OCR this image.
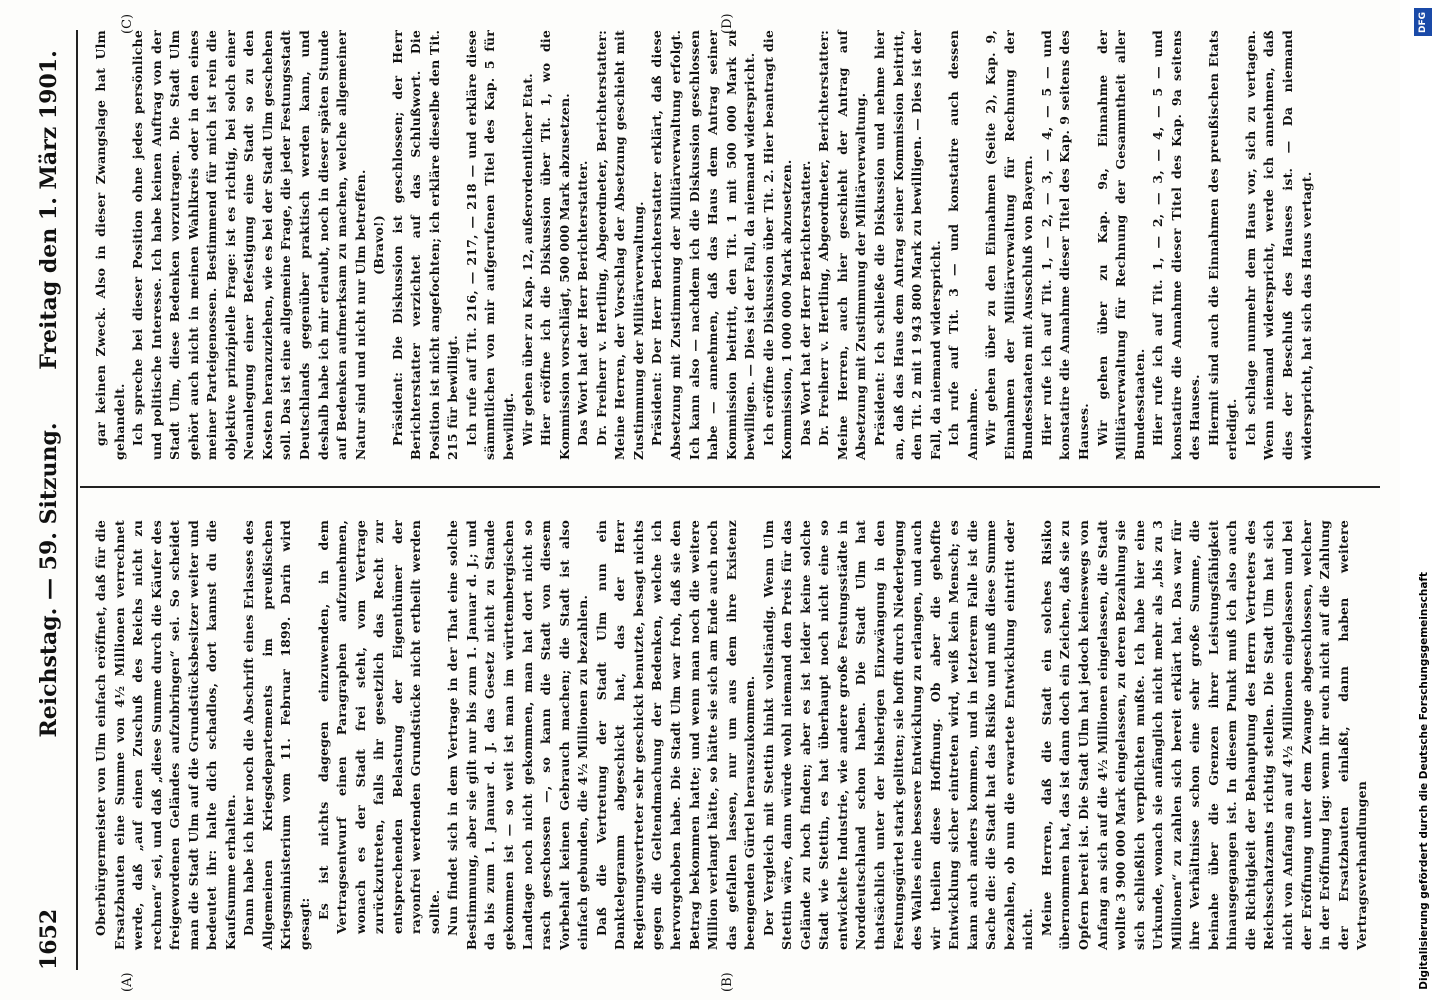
1652
Reichstag. — 59. Sitzung.
Freitag den 1. März 1901.
(A)	(B)
(C)	(D)

Oberbürgermeister von Ulm einfach eröffnet, daß für die Ersatzbauten eine Summe von 4½ Millionen verrechnet werde, daß „auf einen Zuschuß des Reichs nicht zu rechnen“ sei, und daß „diese Summe durch die Käufer des freigewordenen Geländes aufzubringen“ sei. So scheidet man die Stadt Ulm auf die Grundstücksbesitzer weiter und bedeutet ihr: halte dich schadlos, dort kannst du die Kaufsumme erhalten. Dann habe ich hier noch die Abschrift eines Erlasses des Allgemeinen Kriegsdepartements im preußischen Kriegsministerium vom 11. Februar 1899. Darin wird gesagt:

Es ist nichts dagegen einzuwenden, in dem Vertragsentwurf einen Paragraphen aufzunehmen, wonach es der Stadt frei steht, vom Vertrage zurückzutreten, falls ihr gesetzlich das Recht zur entsprechenden Belastung der Eigenthümer der rayonfrei werdenden Grundstücke nicht ertheilt werden sollte. Nun findet sich in dem Vertrage in der That eine solche Bestimmung, aber sie gilt nur bis zum 1. Januar d. J.; und da bis zum 1. Januar d. J. das Gesetz nicht zu Stande gekommen ist — so weit ist man im württembergischen Landtage noch nicht gekommen, man hat dort nicht so rasch geschossen —, so kann die Stadt von diesem Vorbehalt keinen Gebrauch machen; die Stadt ist also einfach gebunden, die 4½ Millionen zu bezahlen. Daß die Vertretung der Stadt Ulm nun ein Danktelegramm abgeschickt hat, das der Herr Regierungsvertreter sehr geschickt benutzte, besagt nichts gegen die Geltendmachung der Bedenken, welche ich hervorgehoben habe. Die Stadt Ulm war froh, daß sie den Betrag bekommen hatte; und wenn man noch die weitere Million verlangt hätte, so hätte sie sich am Ende auch noch das gefallen lassen, nur um aus dem ihre Existenz beengenden Gürtel herauszukommen. Der Vergleich mit Stettin hinkt vollständig. Wenn Ulm Stettin wäre, dann würde wohl niemand den Preis für das Gelände zu hoch finden; aber es ist leider keine solche Stadt wie Stettin, es hat überhaupt noch nicht eine so entwickelte Industrie, wie andere große Festungsstädte in Norddeutschland schon haben. Die Stadt Ulm hat thatsächlich unter der bisherigen Einzwängung in den Festungsgürtel stark gelitten; sie hofft durch Niederlegung des Walles eine bessere Entwicklung zu erlangen, und auch wir theilen diese Hoffnung. Ob aber die gehoffte Entwicklung sicher eintreten wird, weiß kein Mensch; es kann auch anders kommen, und in letzterem Falle ist die Sache die: die Stadt hat das Risiko und muß diese Summe bezahlen, ob nun die erwartete Entwicklung eintritt oder nicht. Meine Herren, daß die Stadt ein solches Risiko übernommen hat, das ist dann doch ein Zeichen, daß sie zu Opfern bereit ist. Die Stadt Ulm hat jedoch keineswegs von Anfang an sich auf die 4½ Millionen eingelassen, die Stadt wollte 3 900 000 Mark eingelassen, zu deren Bezahlung sie sich schließlich verpflichten mußte. Ich habe hier eine Urkunde, wonach sie anfänglich nicht mehr als „bis zu 3 Millionen“ zu zahlen sich bereit erklärt hat. Das war für ihre Verhältnisse schon eine sehr große Summe, die beinahe über die Grenzen ihrer Leistungsfähigkeit hinausgegangen ist. In diesem Punkt muß ich also auch die Richtigkeit der Behauptung des Herrn Vertreters des Reichsschatzamts richtig stellen. Die Stadt Ulm hat sich nicht von Anfang an auf 4½ Millionen eingelassen und bei der Eröffnung unter dem Zwange abgeschlossen, welcher in der Eröffnung lag: wenn ihr euch nicht auf die Zahlung der Ersatzbauten einlaßt, dann haben weitere Vertragsverhandlungen

gar keinen Zweck. Also in dieser Zwangslage hat Ulm gehandelt. Ich spreche bei dieser Position ohne jedes persönliche und politische Interesse. Ich habe keinen Auftrag von der Stadt Ulm, diese Bedenken vorzutragen. Die Stadt Ulm gehört auch nicht in meinen Wahlkreis oder in den eines meiner Parteigenossen. Bestimmend für mich ist rein die objektive prinzipielle Frage: ist es richtig, bei solch einer Neuanlegung einer Befestigung eine Stadt so zu den Kosten heranzuziehen, wie es bei der Stadt Ulm geschehen soll. Das ist eine allgemeine Frage, die jeder Festungsstadt Deutschlands gegenüber praktisch werden kann, und deshalb habe ich mir erlaubt, noch in dieser späten Stunde auf Bedenken aufmerksam zu machen, welche allgemeiner Natur sind und nicht nur Ulm betreffen. (Bravo!) Präsident: Die Diskussion ist geschlossen; der Herr Berichterstatter verzichtet auf das Schlußwort. Die Position ist nicht angefochten; ich erkläre dieselbe den Tit. 215 für bewilligt. Ich rufe auf Tit. 216, — 217, — 218 — und erkläre diese sämmtlichen von mir aufgerufenen Titel des Kap. 5 für bewilligt. Wir gehen über zu Kap. 12, außerordentlicher Etat. Hier eröffne ich die Diskussion über Tit. 1, wo die Kommission vorschlägt, 500 000 Mark abzusetzen. Das Wort hat der Herr Berichterstatter. Dr. Freiherr v. Hertling, Abgeordneter, Berichterstatter: Meine Herren, der Vorschlag der Absetzung geschieht mit Zustimmung der Militärverwaltung. Präsident: Der Herr Berichterstatter erklärt, daß diese Absetzung mit Zustimmung der Militärverwaltung erfolgt. Ich kann also — nachdem ich die Diskussion geschlossen habe — annehmen, daß das Haus dem Antrag seiner Kommission beitritt, den Tit. 1 mit 500 000 Mark zu bewilligen. — Dies ist der Fall, da niemand widerspricht. Ich eröffne die Diskussion über Tit. 2. Hier beantragt die Kommission, 1 000 000 Mark abzusetzen. Das Wort hat der Herr Berichterstatter. Dr. Freiherr v. Hertling, Abgeordneter, Berichterstatter: Meine Herren, auch hier geschieht der Antrag auf Absetzung mit Zustimmung der Militärverwaltung. Präsident: Ich schließe die Diskussion und nehme hier an, daß das Haus dem Antrag seiner Kommission beitritt, den Tit. 2 mit 1 943 800 Mark zu bewilligen. — Dies ist der Fall, da niemand widerspricht. Ich rufe auf Tit. 3 — und konstatire auch dessen Annahme. Wir gehen über zu den Einnahmen (Seite 2), Kap. 9, Einnahmen der Militärverwaltung für Rechnung der Bundesstaaten mit Ausschluß von Bayern. Hier rufe ich auf Tit. 1, — 2, — 3, — 4, — 5 — und konstatire die Annahme dieser Titel des Kap. 9 seitens des Hauses. Wir gehen über zu Kap. 9a, Einnahme der Militärverwaltung für Rechnung der Gesammtheit aller Bundesstaaten. Hier rufe ich auf Tit. 1, — 2, — 3, — 4, — 5 — und konstatire die Annahme dieser Titel des Kap. 9a seitens des Hauses. Hiermit sind auch die Einnahmen des preußischen Etats erledigt. Ich schlage nunmehr dem Haus vor, sich zu vertagen. Wenn niemand widerspricht, werde ich annehmen, daß dies der Beschluß des Hauses ist. — Da niemand widerspricht, hat sich das Haus vertagt.

DFG
Digitalisierung gefördert durch die Deutsche Forschungsgemeinschaft
